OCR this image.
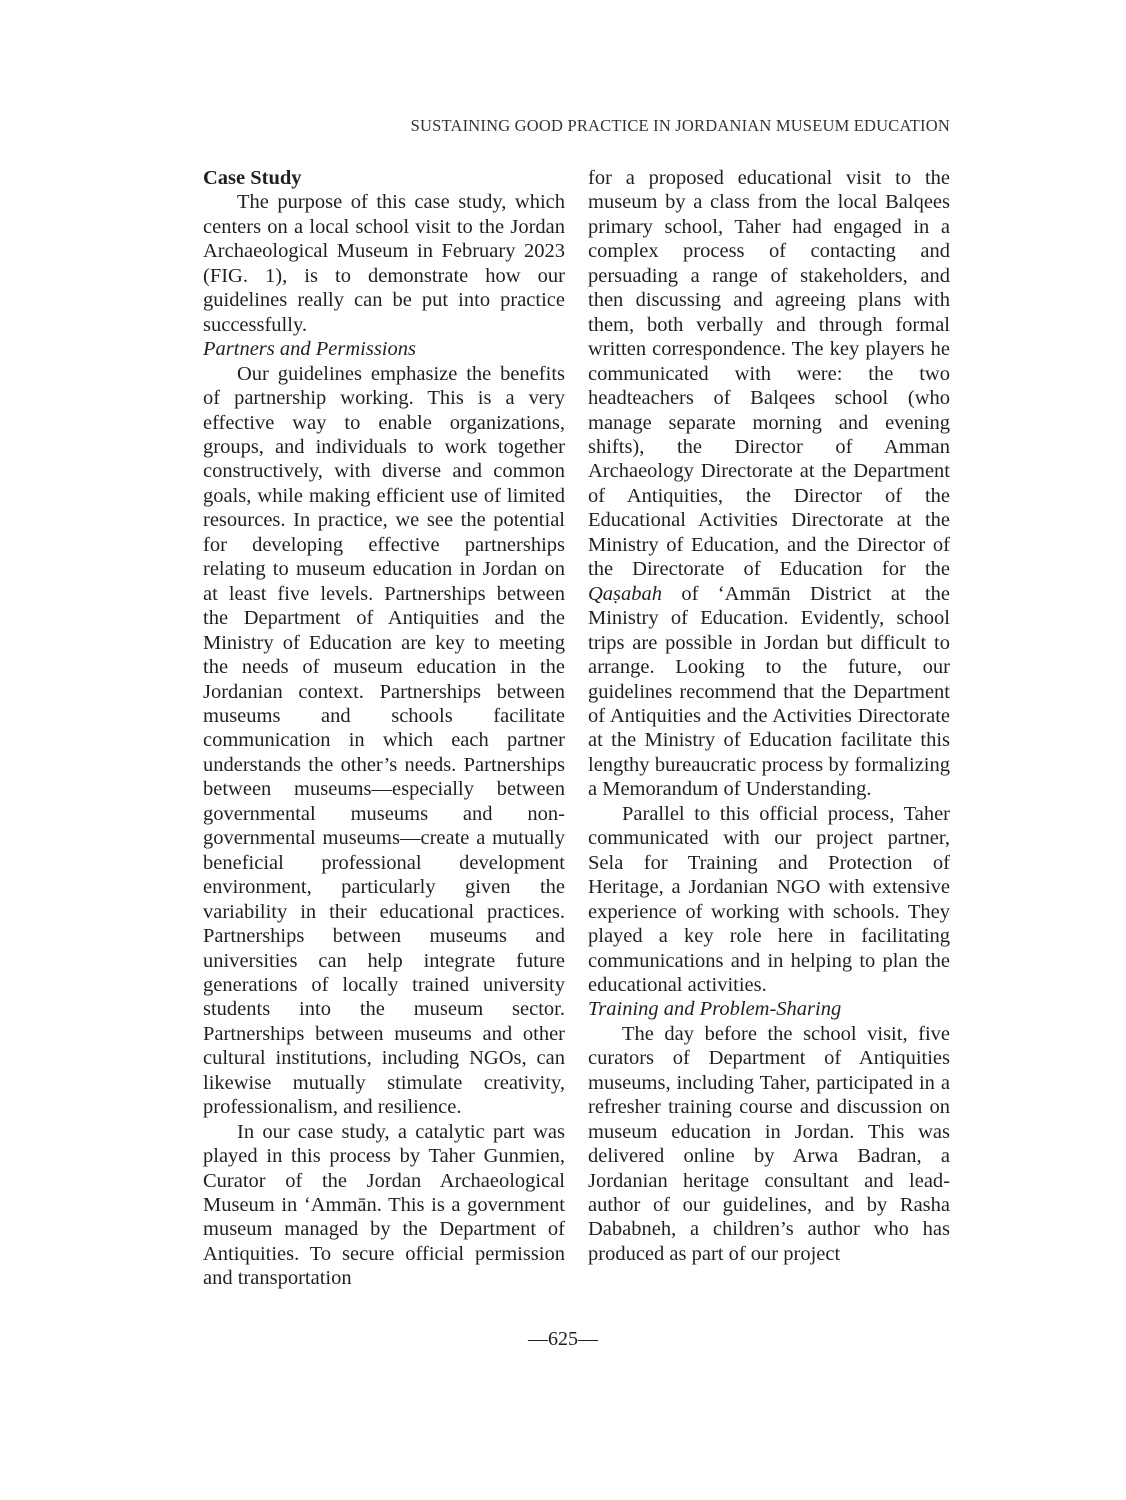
SUSTAINING GOOD PRACTICE IN JORDANIAN MUSEUM EDUCATION
Case Study

The purpose of this case study, which centers on a local school visit to the Jordan Archaeological Museum in February 2023 (FIG. 1), is to demonstrate how our guidelines really can be put into practice successfully.

Partners and Permissions

Our guidelines emphasize the benefits of partnership working. This is a very effective way to enable organizations, groups, and individuals to work together constructively, with diverse and common goals, while making efficient use of limited resources. In practice, we see the potential for developing effective partnerships relating to museum education in Jordan on at least five levels. Partnerships between the Department of Antiquities and the Ministry of Education are key to meeting the needs of museum education in the Jordanian context. Partnerships between museums and schools facilitate communication in which each partner understands the other’s needs. Partnerships between museums—especially between governmental museums and non-governmental museums—create a mutually beneficial professional development environment, particularly given the variability in their educational practices. Partnerships between museums and universities can help integrate future generations of locally trained university students into the museum sector. Partnerships between museums and other cultural institutions, including NGOs, can likewise mutually stimulate creativity, professionalism, and resilience.

In our case study, a catalytic part was played in this process by Taher Gunmien, Curator of the Jordan Archaeological Museum in ‘Ammān. This is a government museum managed by the Department of Antiquities. To secure official permission and transportation

for a proposed educational visit to the museum by a class from the local Balqees primary school, Taher had engaged in a complex process of contacting and persuading a range of stakeholders, and then discussing and agreeing plans with them, both verbally and through formal written correspondence. The key players he communicated with were: the two headteachers of Balqees school (who manage separate morning and evening shifts), the Director of Amman Archaeology Directorate at the Department of Antiquities, the Director of the Educational Activities Directorate at the Ministry of Education, and the Director of the Directorate of Education for the Qaṣabah of ‘Ammān District at the Ministry of Education. Evidently, school trips are possible in Jordan but difficult to arrange. Looking to the future, our guidelines recommend that the Department of Antiquities and the Activities Directorate at the Ministry of Education facilitate this lengthy bureaucratic process by formalizing a Memorandum of Understanding.

Parallel to this official process, Taher communicated with our project partner, Sela for Training and Protection of Heritage, a Jordanian NGO with extensive experience of working with schools. They played a key role here in facilitating communications and in helping to plan the educational activities.

Training and Problem-Sharing

The day before the school visit, five curators of Department of Antiquities museums, including Taher, participated in a refresher training course and discussion on museum education in Jordan. This was delivered online by Arwa Badran, a Jordanian heritage consultant and lead-author of our guidelines, and by Rasha Dababneh, a children’s author who has produced as part of our project

—625—
